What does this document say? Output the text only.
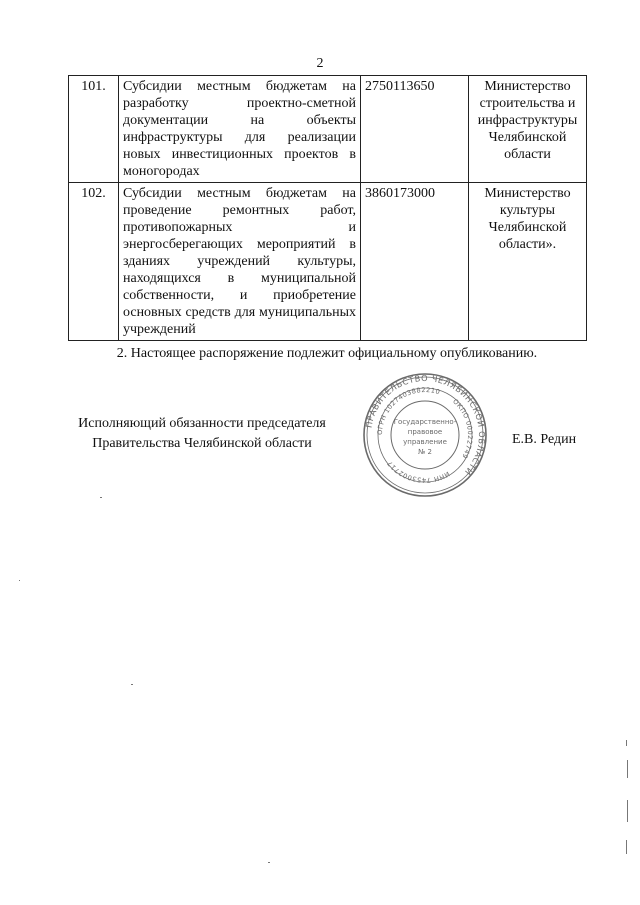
2
101.	Субсидии местным бюджетам на разработку проектно-сметной документации на объекты инфраструктуры для реализации новых инвестиционных проектов в моногородах	2750113650	Министерство строительства и инфраструктуры Челябинской области
102.	Субсидии местным бюджетам на проведение ремонтных работ, противопожарных и энергосберегающих мероприятий в зданиях учреждений культуры, находящихся в муниципальной собственности, и приобретение основных средств для муниципальных учреждений	3860173000	Министерство культуры Челябинской области».
2. Настоящее распоряжение подлежит официальному опубликованию.
Исполняющий обязанности председателя
Правительства Челябинской области
ПРАВИТЕЛЬСТВО ЧЕЛЯБИНСКОЙ ОБЛАСТИ
ОГРН 1027403882210
ОКПО 00022749
ИНН 7453002717
Государственно-
правовое
управление
№ 2
Е.В. Редин
